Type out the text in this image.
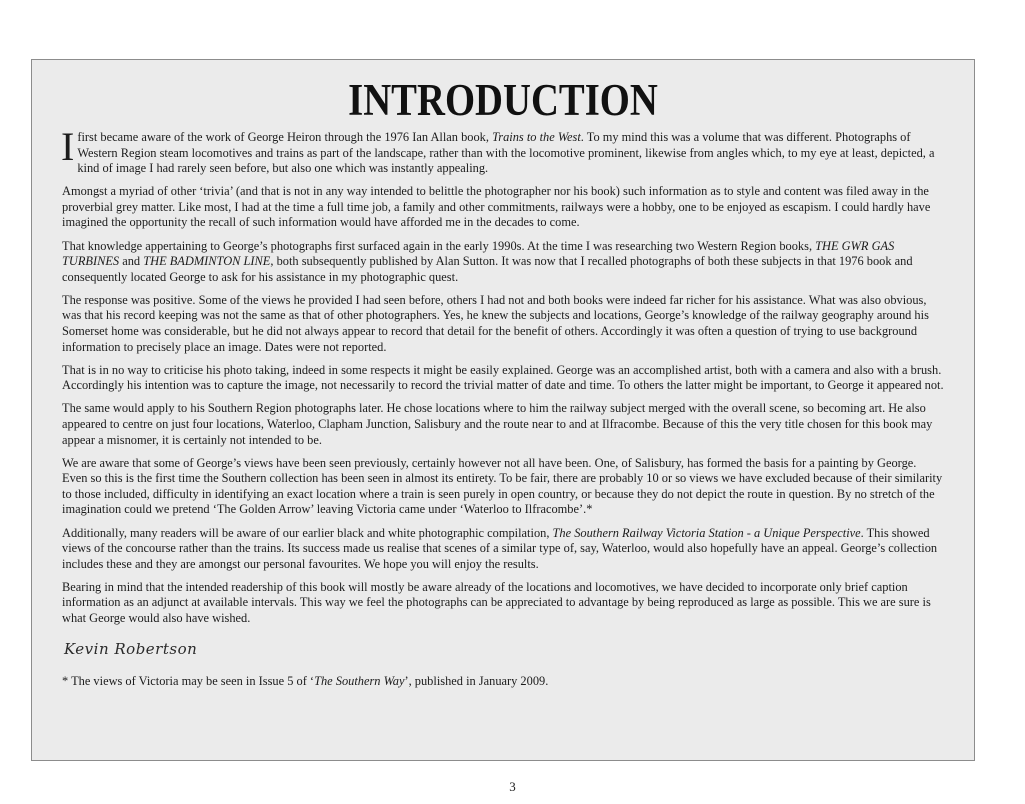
INTRODUCTION

I first became aware of the work of George Heiron through the 1976 Ian Allan book, Trains to the West. To my mind this was a volume that was different. Photographs of Western Region steam locomotives and trains as part of the landscape, rather than with the locomotive prominent, likewise from angles which, to my eye at least, depicted, a kind of image I had rarely seen before, but also one which was instantly appealing.

Amongst a myriad of other ‘trivia’ (and that is not in any way intended to belittle the photographer nor his book) such information as to style and content was filed away in the proverbial grey matter. Like most, I had at the time a full time job, a family and other commitments, railways were a hobby, one to be enjoyed as escapism. I could hardly have imagined the opportunity the recall of such information would have afforded me in the decades to come.

That knowledge appertaining to George’s photographs first surfaced again in the early 1990s. At the time I was researching two Western Region books, THE GWR GAS TURBINES and THE BADMINTON LINE, both subsequently published by Alan Sutton. It was now that I recalled photographs of both these subjects in that 1976 book and consequently located George to ask for his assistance in my photographic quest.

The response was positive. Some of the views he provided I had seen before, others I had not and both books were indeed far richer for his assistance. What was also obvious, was that his record keeping was not the same as that of other photographers. Yes, he knew the subjects and locations, George’s knowledge of the railway geography around his Somerset home was considerable, but he did not always appear to record that detail for the benefit of others. Accordingly it was often a question of trying to use background information to precisely place an image. Dates were not reported.

That is in no way to criticise his photo taking, indeed in some respects it might be easily explained. George was an accomplished artist, both with a camera and also with a brush. Accordingly his intention was to capture the image, not necessarily to record the trivial matter of date and time. To others the latter might be important, to George it appeared not.

The same would apply to his Southern Region photographs later. He chose locations where to him the railway subject merged with the overall scene, so becoming art. He also appeared to centre on just four locations, Waterloo, Clapham Junction, Salisbury and the route near to and at Ilfracombe. Because of this the very title chosen for this book may appear a misnomer, it is certainly not intended to be.

We are aware that some of George’s views have been seen previously, certainly however not all have been. One, of Salisbury, has formed the basis for a painting by George. Even so this is the first time the Southern collection has been seen in almost its entirety. To be fair, there are probably 10 or so views we have excluded because of their similarity to those included, difficulty in identifying an exact location where a train is seen purely in open country, or because they do not depict the route in question. By no stretch of the imagination could we pretend ‘The Golden Arrow’ leaving Victoria came under ‘Waterloo to Ilfracombe’.*

Additionally, many readers will be aware of our earlier black and white photographic compilation, The Southern Railway Victoria Station - a Unique Perspective. This showed views of the concourse rather than the trains. Its success made us realise that scenes of a similar type of, say, Waterloo, would also hopefully have an appeal. George’s collection includes these and they are amongst our personal favourites. We hope you will enjoy the results.

Bearing in mind that the intended readership of this book will mostly be aware already of the locations and locomotives, we have decided to incorporate only brief caption information as an adjunct at available intervals. This way we feel the photographs can be appreciated to advantage by being reproduced as large as possible. This we are sure is what George would also have wished.

Kevin Robertson

* The views of Victoria may be seen in Issue 5 of ‘The Southern Way’, published in January 2009.

3
